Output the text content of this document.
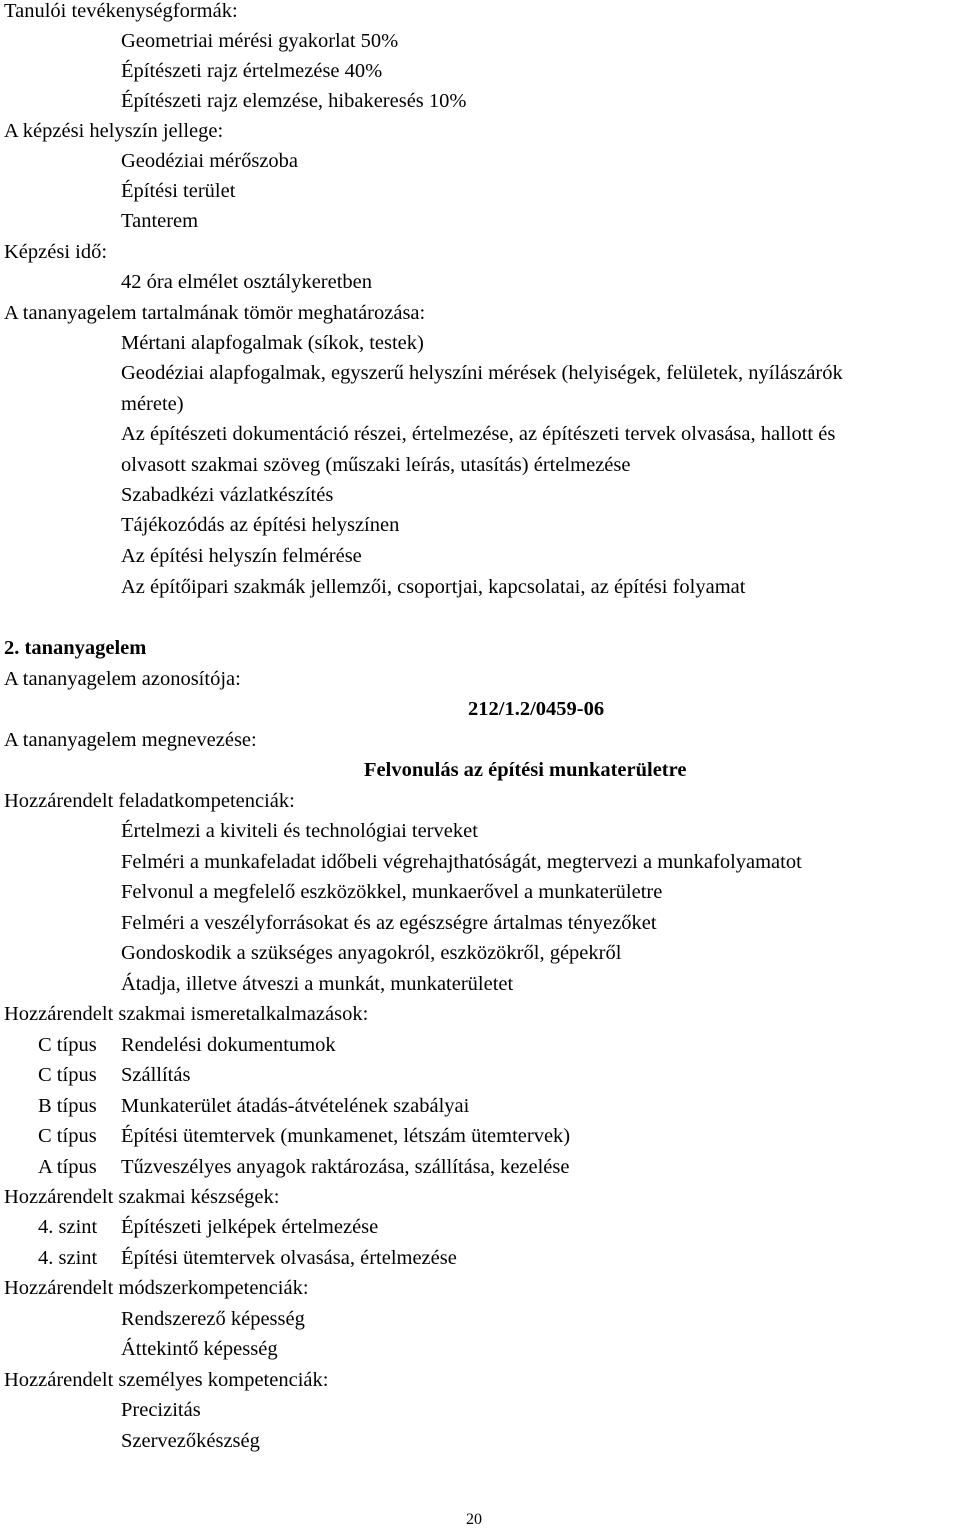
Tanulói tevékenységformák:
Geometriai mérési gyakorlat 50%
Építészeti rajz értelmezése 40%
Építészeti rajz elemzése, hibakeresés 10%
A képzési helyszín jellege:
Geodéziai mérőszoba
Építési terület
Tanterem
Képzési idő:
42 óra elmélet osztálykeretben
A tananyagelem tartalmának tömör meghatározása:
Mértani alapfogalmak (síkok, testek)
Geodéziai alapfogalmak, egyszerű helyszíni mérések (helyiségek, felületek, nyílászárók
mérete)
Az építészeti dokumentáció részei, értelmezése, az építészeti tervek olvasása, hallott és
olvasott szakmai szöveg (műszaki leírás, utasítás) értelmezése
Szabadkézi vázlatkészítés
Tájékozódás az építési helyszínen
Az építési helyszín felmérése
Az építőipari szakmák jellemzői, csoportjai, kapcsolatai, az építési folyamat
2. tananyagelem
A tananyagelem azonosítója:
212/1.2/0459-06
A tananyagelem megnevezése:
Felvonulás az építési munkaterületre
Hozzárendelt feladatkompetenciák:
Értelmezi a kiviteli és technológiai terveket
Felméri a munkafeladat időbeli végrehajthatóságát, megtervezi a munkafolyamatot
Felvonul a megfelelő eszközökkel, munkaerővel a munkaterületre
Felméri a veszélyforrásokat és az egészségre ártalmas tényezőket
Gondoskodik a szükséges anyagokról, eszközökről, gépekről
Átadja, illetve átveszi a munkát, munkaterületet
Hozzárendelt szakmai ismeretalkalmazások:
C típus Rendelési dokumentumok
C típus Szállítás
B típus Munkaterület átadás-átvételének szabályai
C típus Építési ütemtervek (munkamenet, létszám ütemtervek)
A típus Tűzveszélyes anyagok raktározása, szállítása, kezelése
Hozzárendelt szakmai készségek:
4. szint Építészeti jelképek értelmezése
4. szint Építési ütemtervek olvasása, értelmezése
Hozzárendelt módszerkompetenciák:
Rendszerező képesség
Áttekintő képesség
Hozzárendelt személyes kompetenciák:
Precizitás
Szervezőkészség
20
